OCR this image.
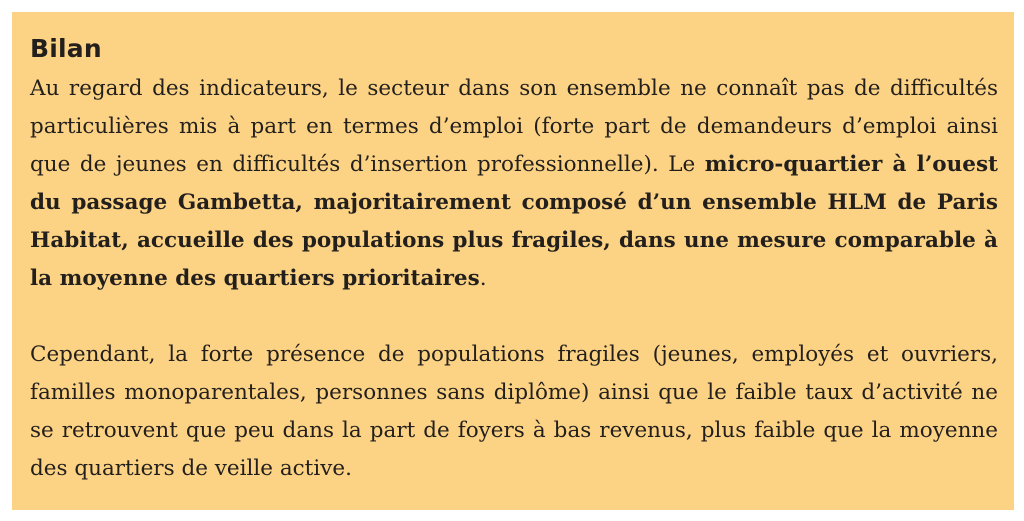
Bilan

Au regard des indicateurs, le secteur dans son ensemble ne connaît pas de difficultés particulières mis à part en termes d’emploi (forte part de demandeurs d’emploi ainsi que de jeunes en difficultés d’insertion professionnelle). Le micro-quartier à l’ouest du passage Gambetta, majoritairement composé d’un ensemble HLM de Paris Habitat, accueille des populations plus fragiles, dans une mesure comparable à la moyenne des quartiers prioritaires.

Cependant, la forte présence de populations fragiles (jeunes, employés et ouvriers, familles monoparentales, personnes sans diplôme) ainsi que le faible taux d’activité ne se retrouvent que peu dans la part de foyers à bas revenus, plus faible que la moyenne des quartiers de veille active.
